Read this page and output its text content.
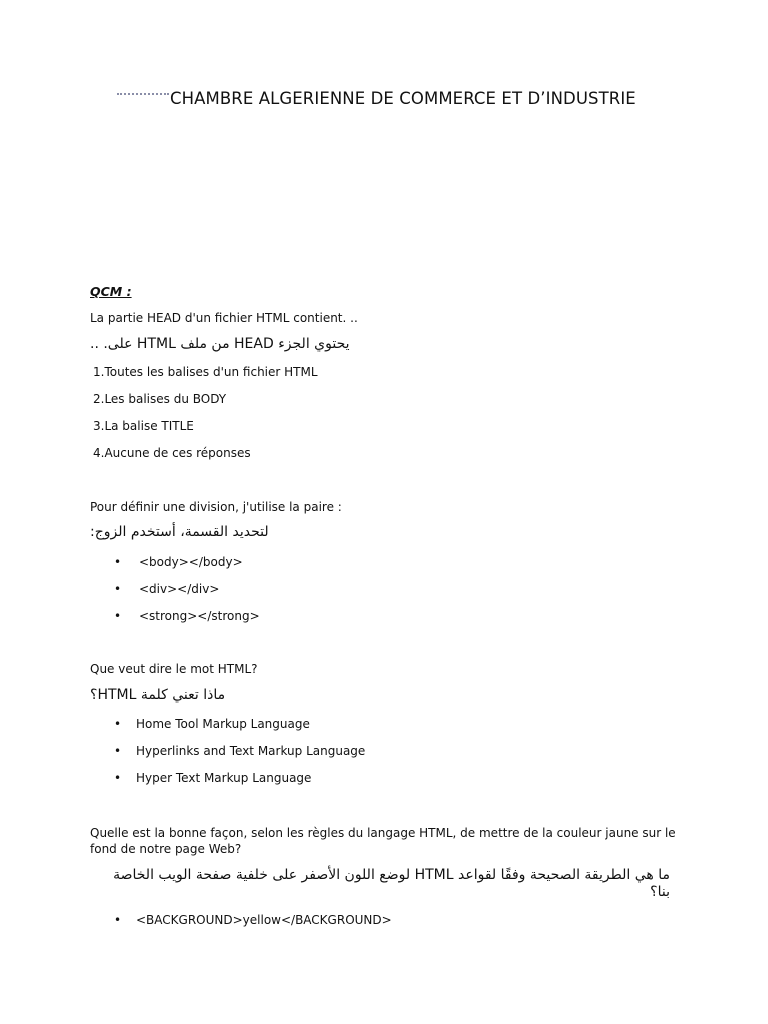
CHAMBRE ALGERIENNE DE COMMERCE ET D’INDUSTRIE
QCM :
La partie HEAD d'un fichier HTML contient. ..
يحتوي الجزء HEAD من ملف HTML على. ..
1.Toutes les balises d'un fichier HTML
2.Les balises du BODY
3.La balise TITLE
4.Aucune de ces réponses
Pour définir une division, j'utilise la paire :
لتحديد القسمة، أستخدم الزوج:
• <body></body>
• <div></div>
• <strong></strong>
Que veut dire le mot HTML?
ماذا تعني كلمة HTML؟
• Home Tool Markup Language
• Hyperlinks and Text Markup Language
• Hyper Text Markup Language
Quelle est la bonne façon, selon les règles du langage HTML, de mettre de la couleur jaune sur le fond de notre page Web?
ما هي الطريقة الصحيحة وفقًا لقواعد HTML لوضع اللون الأصفر على خلفية صفحة الويب الخاصة بنا؟
• <BACKGROUND>yellow</BACKGROUND>
